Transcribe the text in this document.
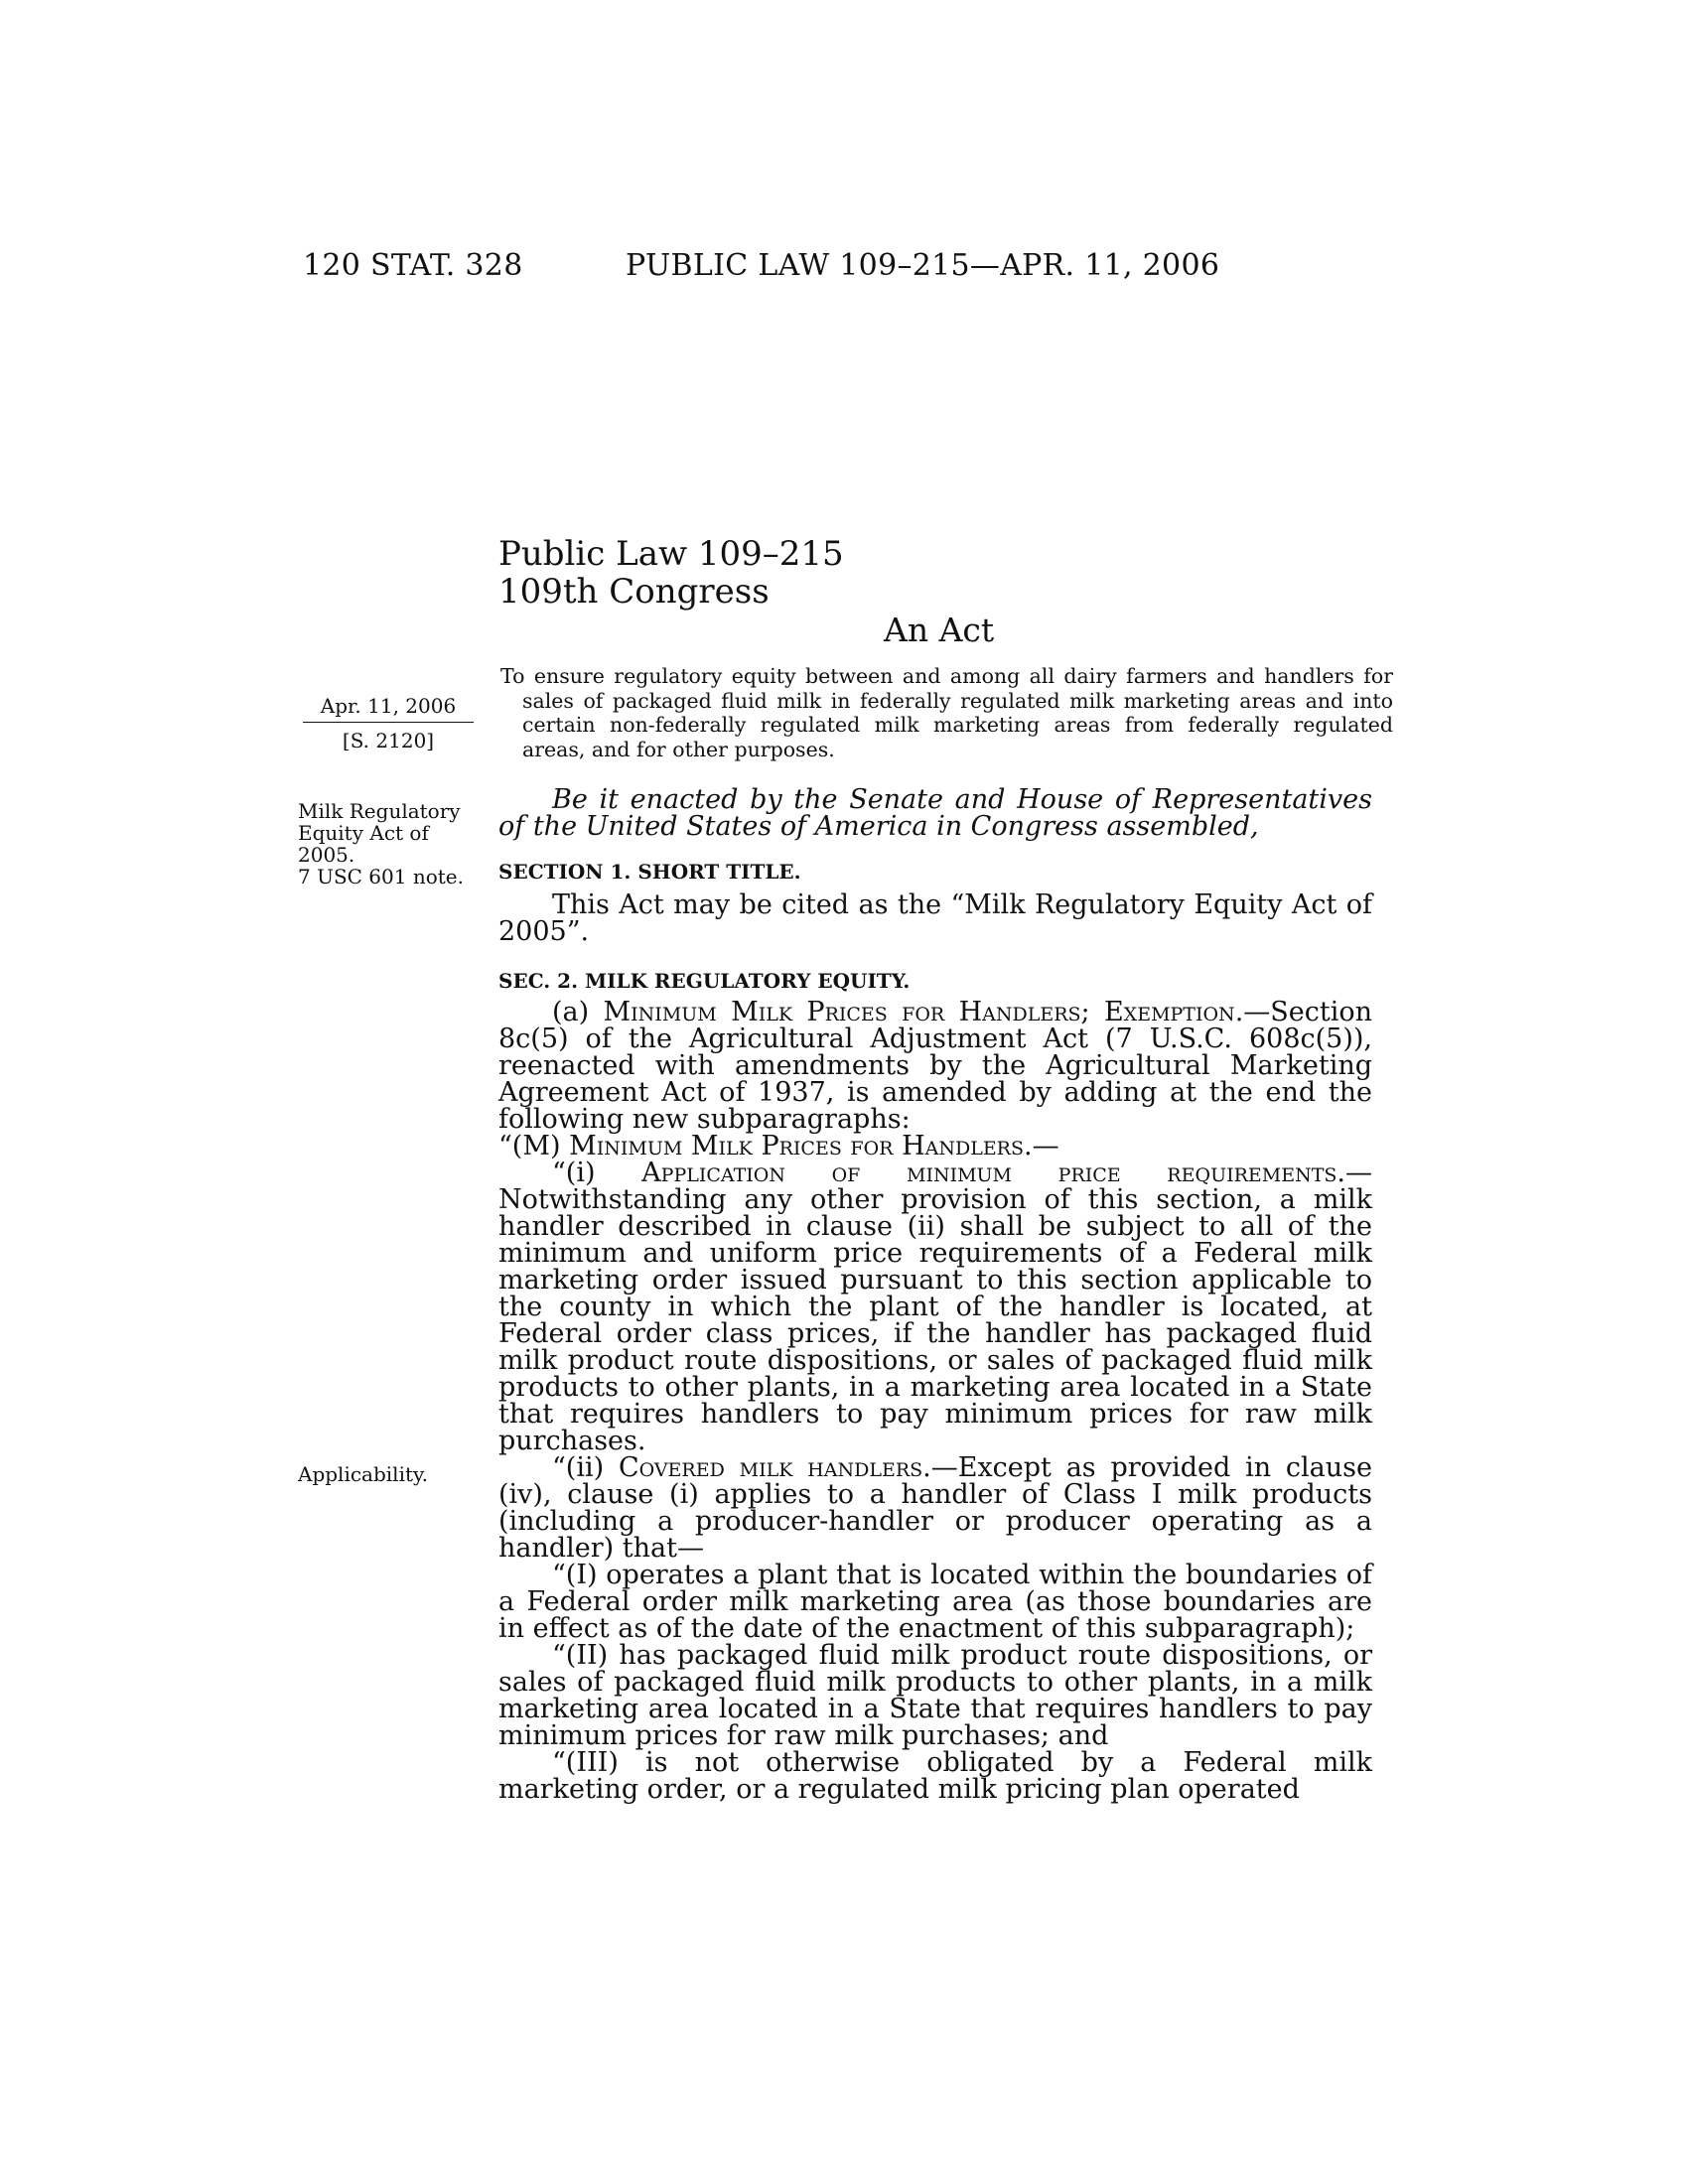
120 STAT. 328	PUBLIC LAW 109–215—APR. 11, 2006
Public Law 109–215
109th Congress
An Act
Apr. 11, 2006
[S. 2120]
To ensure regulatory equity between and among all dairy farmers and handlers for sales of packaged fluid milk in federally regulated milk marketing areas and into certain non-federally regulated milk marketing areas from federally regulated areas, and for other purposes.
Milk Regulatory
Equity Act of
2005.
7 USC 601 note.
Applicability.
Be it enacted by the Senate and House of Representatives of the United States of America in Congress assembled,
SECTION 1. SHORT TITLE.
This Act may be cited as the “Milk Regulatory Equity Act of 2005”.
SEC. 2. MILK REGULATORY EQUITY.

(a) Minimum Milk Prices for Handlers; Exemption.—Section 8c(5) of the Agricultural Adjustment Act (7 U.S.C. 608c(5)), reenacted with amendments by the Agricultural Marketing Agreement Act of 1937, is amended by adding at the end the following new subparagraphs:

“(M) Minimum Milk Prices for Handlers.—

“(i) Application of minimum price requirements.—Notwithstanding any other provision of this section, a milk handler described in clause (ii) shall be subject to all of the minimum and uniform price requirements of a Federal milk marketing order issued pursuant to this section applicable to the county in which the plant of the handler is located, at Federal order class prices, if the handler has packaged fluid milk product route dispositions, or sales of packaged fluid milk products to other plants, in a marketing area located in a State that requires handlers to pay minimum prices for raw milk purchases.

“(ii) Covered milk handlers.—Except as provided in clause (iv), clause (i) applies to a handler of Class I milk products (including a producer-handler or producer operating as a handler) that—

“(I) operates a plant that is located within the boundaries of a Federal order milk marketing area (as those boundaries are in effect as of the date of the enactment of this subparagraph);

“(II) has packaged fluid milk product route dispositions, or sales of packaged fluid milk products to other plants, in a milk marketing area located in a State that requires handlers to pay minimum prices for raw milk purchases; and

“(III) is not otherwise obligated by a Federal milk marketing order, or a regulated milk pricing plan operated
